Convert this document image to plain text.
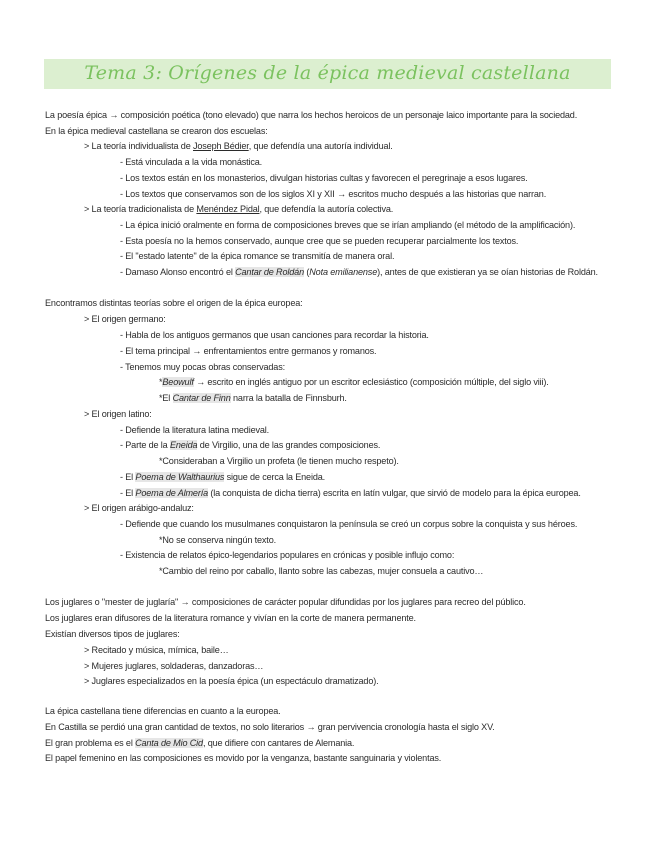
Tema 3: Orígenes de la épica medieval castellana
La poesía épica → composición poética (tono elevado) que narra los hechos heroicos de un personaje laico importante para la sociedad.
En la épica medieval castellana se crearon dos escuelas:
> La teoría individualista de Joseph Bédier, que defendía una autoría individual.
- Está vinculada a la vida monástica.
- Los textos están en los monasterios, divulgan historias cultas y favorecen el peregrinaje a esos lugares.
- Los textos que conservamos son de los siglos XI y XII → escritos mucho después a las historias que narran.
> La teoría tradicionalista de Menéndez Pidal, que defendía la autoría colectiva.
- La épica inició oralmente en forma de composiciones breves que se irían ampliando (el método de la amplificación).
- Esta poesía no la hemos conservado, aunque cree que se pueden recuperar parcialmente los textos.
- El "estado latente" de la épica romance se transmitía de manera oral.
- Damaso Alonso encontró el Cantar de Roldán (Nota emilianense), antes de que existieran ya se oían historias de Roldán.
Encontramos distintas teorías sobre el origen de la épica europea:
> El origen germano:
- Habla de los antiguos germanos que usan canciones para recordar la historia.
- El tema principal → enfrentamientos entre germanos y romanos.
- Tenemos muy pocas obras conservadas:
*Beowulf → escrito en inglés antiguo por un escritor eclesiástico (composición múltiple, del siglo viii).
*El Cantar de Finn narra la batalla de Finnsburh.
> El origen latino:
- Defiende la literatura latina medieval.
- Parte de la Eneida de Virgilio, una de las grandes composiciones.
*Consideraban a Virgilio un profeta (le tienen mucho respeto).
- El Poema de Walthaurius sigue de cerca la Eneida.
- El Poema de Almería (la conquista de dicha tierra) escrita en latín vulgar, que sirvió de modelo para la épica europea.
> El origen arábigo-andaluz:
- Defiende que cuando los musulmanes conquistaron la península se creó un corpus sobre la conquista y sus héroes.
*No se conserva ningún texto.
- Existencia de relatos épico-legendarios populares en crónicas y posible influjo como:
*Cambio del reino por caballo, llanto sobre las cabezas, mujer consuela a cautivo…
Los juglares o "mester de juglaría" → composiciones de carácter popular difundidas por los juglares para recreo del público.
Los juglares eran difusores de la literatura romance y vivían en la corte de manera permanente.
Existían diversos tipos de juglares:
> Recitado y música, mímica, baile…
> Mujeres juglares, soldaderas, danzadoras…
> Juglares especializados en la poesía épica (un espectáculo dramatizado).
La épica castellana tiene diferencias en cuanto a la europea.
En Castilla se perdió una gran cantidad de textos, no solo literarios → gran pervivencia cronología hasta el siglo XV.
El gran problema es el Canta de Mio Cid, que difiere con cantares de Alemania.
El papel femenino en las composiciones es movido por la venganza, bastante sanguinaria y violentas.
